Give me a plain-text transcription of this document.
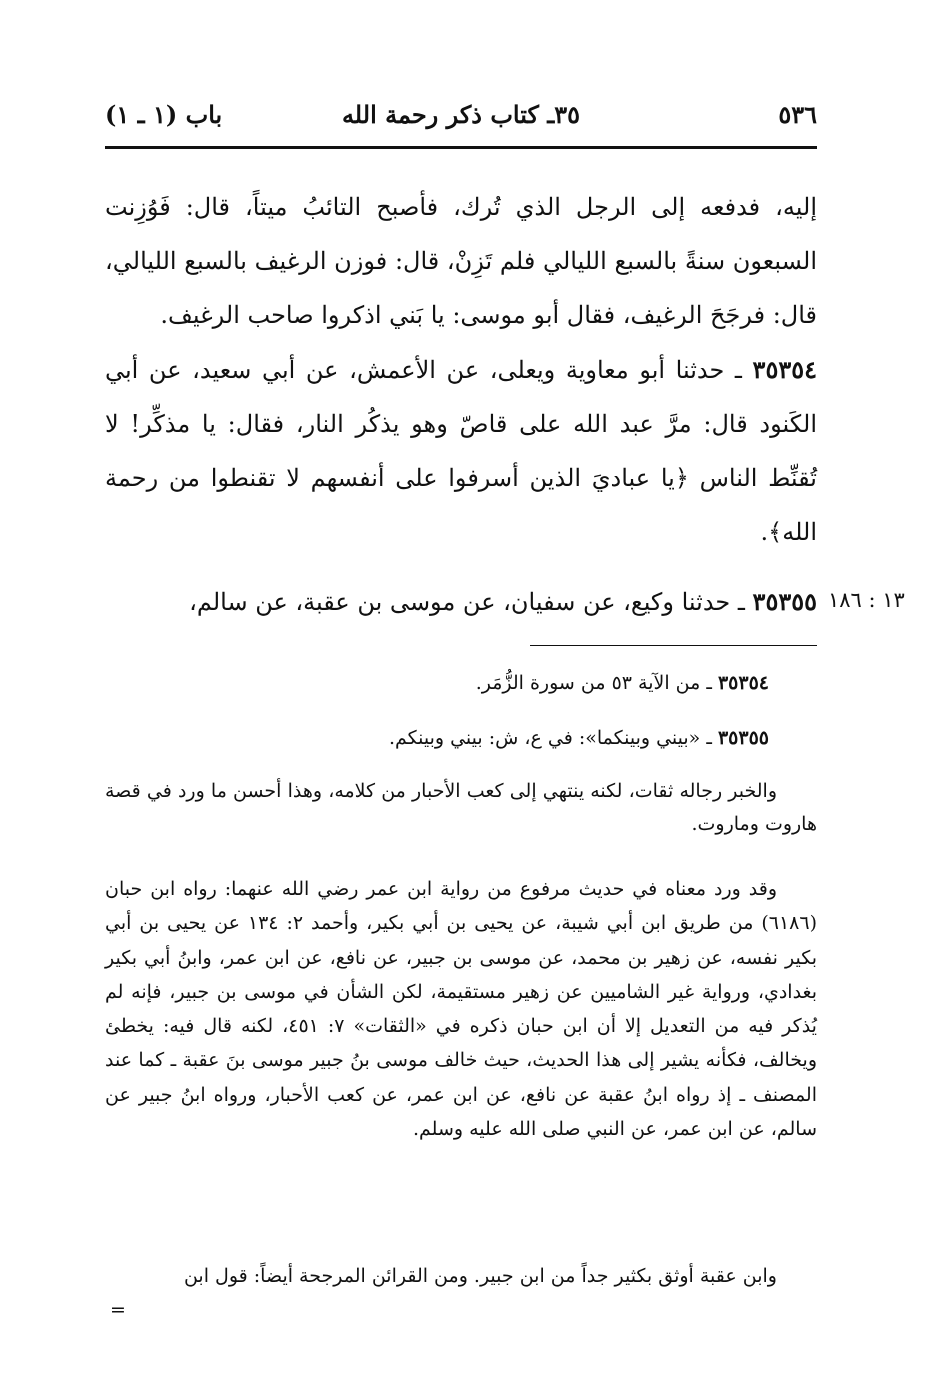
٥٣٦
٣٥ـ كتاب ذكر رحمة الله
باب (١ ـ ١)

إليه، فدفعه إلى الرجل الذي تُرك، فأصبح التائبُ ميتاً، قال: فَوُزِنت السبعون سنةً بالسبع الليالي فلم تَزِنْ، قال: فوزن الرغيف بالسبع الليالي، قال: فرجَحَ الرغيف، فقال أبو موسى: يا بَني اذكروا صاحب الرغيف.

٣٥٣٥٤ ـ حدثنا أبو معاوية ويعلى، عن الأعمش، عن أبي سعيد، عن أبي الكَنود قال: مرَّ عبد الله على قاصّ وهو يذكُر النار، فقال: يا مذكِّر! لا تُقنِّط الناس ﴿يا عباديَ الذين أسرفوا على أنفسهم لا تقنطوا من رحمة الله﴾.

٣٥٣٥٥ ـ حدثنا وكيع، عن سفيان، عن موسى بن عقبة، عن سالم،	١٣ : ١٨٦

٣٥٣٥٤ ـ من الآية ٥٣ من سورة الزُّمَر.

٣٥٣٥٥ ـ «بيني وبينكما»: في ع، ش: بيني وبينكم.

والخبر رجاله ثقات، لكنه ينتهي إلى كعب الأحبار من كلامه، وهذا أحسن ما ورد في قصة هاروت وماروت.

وقد ورد معناه في حديث مرفوع من رواية ابن عمر رضي الله عنهما: رواه ابن حبان (٦١٨٦) من طريق ابن أبي شيبة، عن يحيى بن أبي بكير، وأحمد ٢: ١٣٤ عن يحيى بن أبي بكير نفسه، عن زهير بن محمد، عن موسى بن جبير، عن نافع، عن ابن عمر، وابنُ أبي بكير بغدادي، ورواية غير الشاميين عن زهير مستقيمة، لكن الشأن في موسى بن جبير، فإنه لم يُذكر فيه من التعديل إلا أن ابن حبان ذكره في «الثقات» ٧: ٤٥١، لكنه قال فيه: يخطئ ويخالف، فكأنه يشير إلى هذا الحديث، حيث خالف موسى بنُ جبير موسى بنَ عقبة ـ كما عند المصنف ـ إذ رواه ابنُ عقبة عن نافع، عن ابن عمر، عن كعب الأحبار، ورواه ابنُ جبير عن سالم، عن ابن عمر، عن النبي صلى الله عليه وسلم.

وابن عقبة أوثق بكثير جداً من ابن جبير. ومن القرائن المرجحة أيضاً: قول ابن

=
